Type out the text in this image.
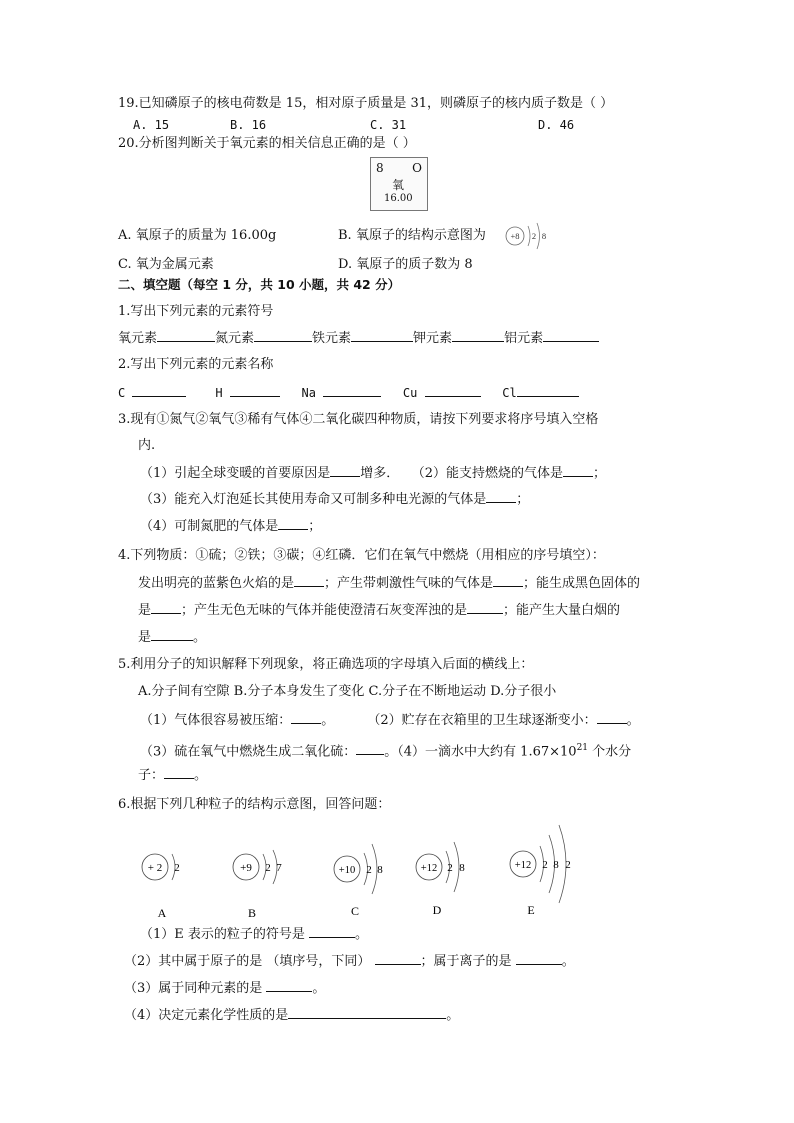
19.已知磷原子的核电荷数是 15，相对原子质量是 31，则磷原子的核内质子数是（ ）
A. 15	B. 16	C. 31	D. 46
20.分析图判断关于氧元素的相关信息正确的是（ ）
8 O
氧
16.00
A. 氧原子的质量为 16.00g	B. 氧原子的结构示意图为	+8 2 8
C. 氧为金属元素	D. 氧原子的质子数为 8
二、填空题（每空 1 分，共 10 小题，共 42 分）
1.写出下列元素的元素符号
氧元素	氮元素	铁元素	钾元素	铝元素
2.写出下列元素的元素名称
C	H	Na	Cu	Cl
3.现有①氮气②氧气③稀有气体④二氧化碳四种物质，请按下列要求将序号填入空格
内.
（1）引起全球变暖的首要原因是 增多． （2）能支持燃烧的气体是 ；
（3）能充入灯泡延长其使用寿命又可制多种电光源的气体是 ；
（4）可制氮肥的气体是 ；
4.下列物质：①硫；②铁；③碳；④红磷．它们在氧气中燃烧（用相应的序号填空）：
发出明亮的蓝紫色火焰的是 ；产生带刺激性气味的气体是 ；能生成黑色固体的
是 ；产生无色无味的气体并能使澄清石灰变浑浊的是	；能产生大量白烟的
是	。
5.利用分子的知识解释下列现象，将正确选项的字母填入后面的横线上：
A.分子间有空隙 B.分子本身发生了变化 C.分子在不断地运动 D.分子很小
（1）气体很容易被压缩： 。	（2）贮存在衣箱里的卫生球逐渐变小： 。
（3）硫在氧气中燃烧生成二氧化硫： 。（4）一滴水中大约有 $1.67\times 10^{21}$ 个水分
子： 。
6.根据下列几种粒子的结构示意图，回答问题：
+ 2 2
A
+9 2 7
B
+10 2 8
C
+12 2 8
D
+12 2 8 2
E
（1）E 表示的粒子的符号是	。
（2）其中属于原子的是 （填序号，下同）	；属于离子的是	。
（3）属于同种元素的是	。
（4）决定元素化学性质的是	。
